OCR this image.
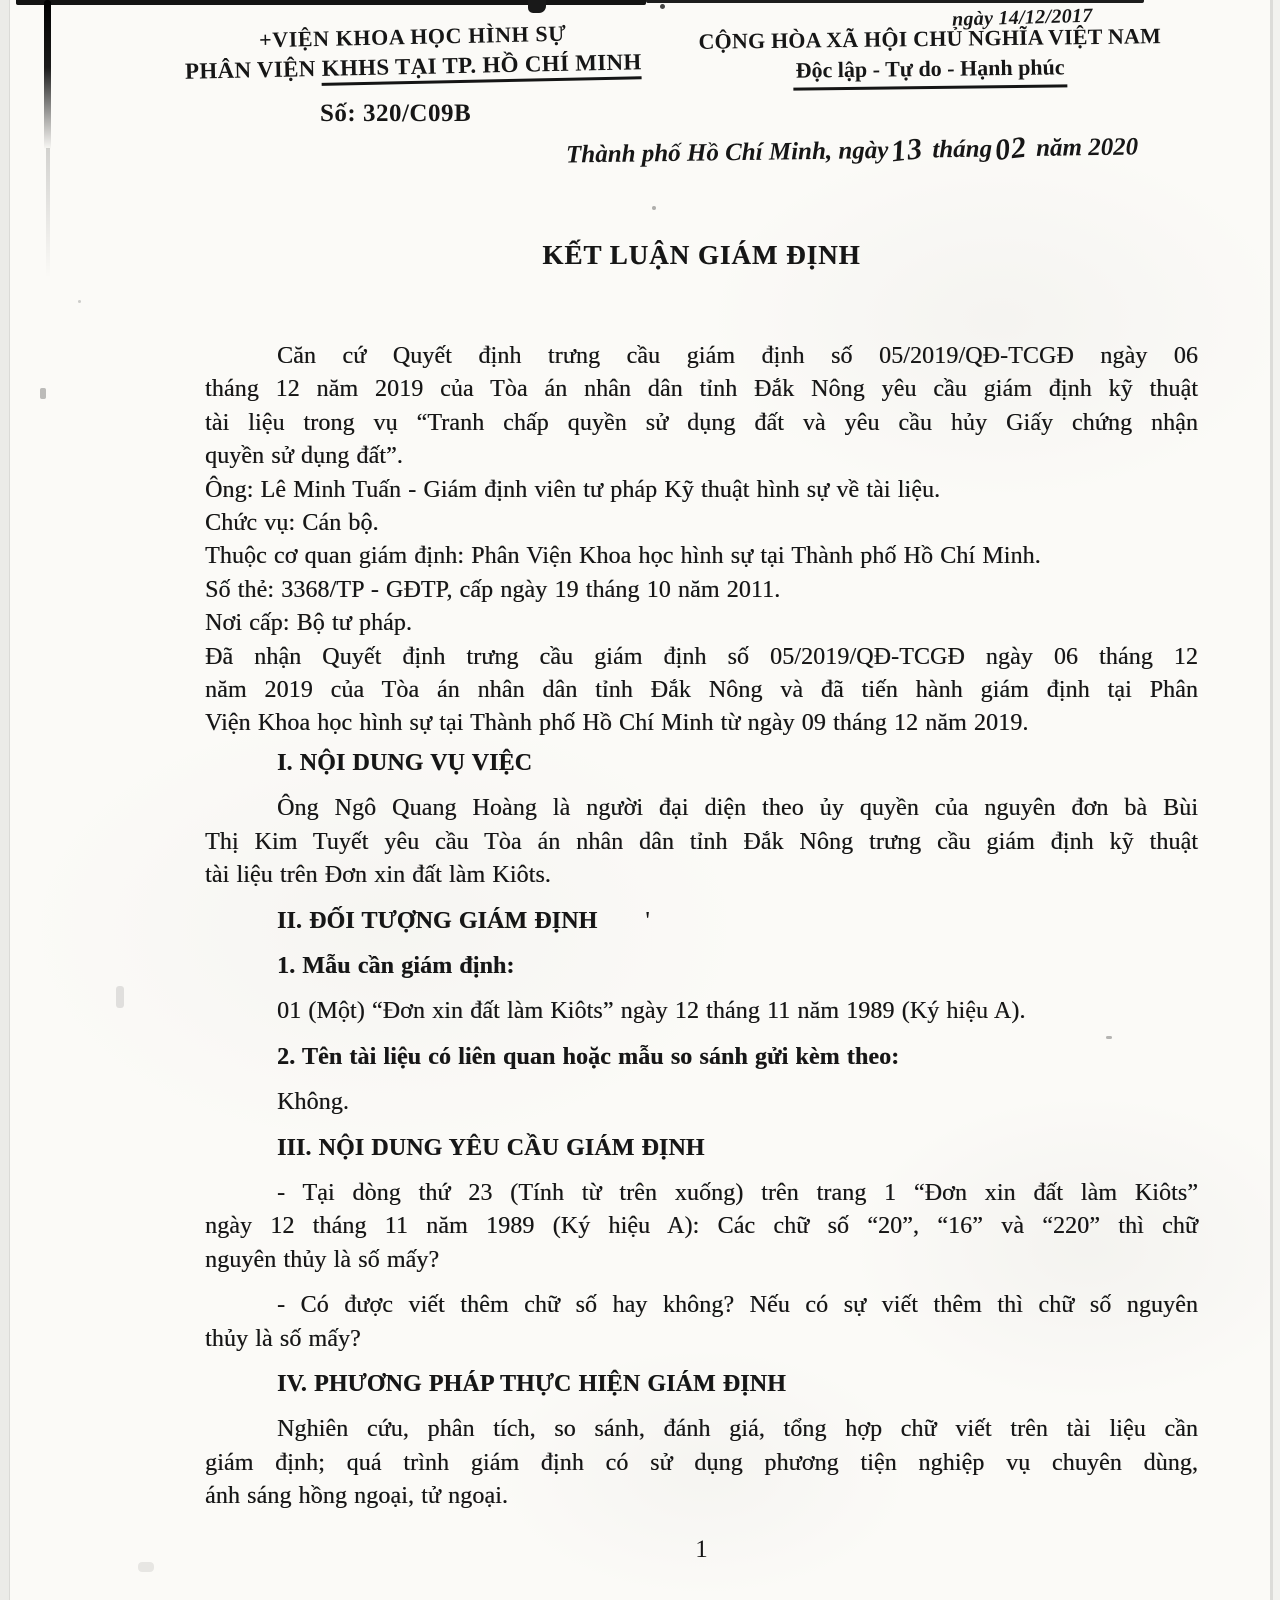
ngày 14/12/2017
+VIỆN KHOA HỌC HÌNH SỰ
PHÂN VIỆN KHHS TẠI TP. HỒ CHÍ MINH
CỘNG HÒA XÃ HỘI CHỦ NGHĨA VIỆT NAM
Độc lập - Tự do - Hạnh phúc
Số: 320/C09B
Thành phố Hồ Chí Minh, ngày13 tháng02 năm 2020
KẾT LUẬN GIÁM ĐỊNH
Căn cứ Quyết định trưng cầu giám định số 05/2019/QĐ-TCGĐ ngày 06
tháng 12 năm 2019 của Tòa án nhân dân tỉnh Đắk Nông yêu cầu giám định kỹ thuật
tài liệu trong vụ “Tranh chấp quyền sử dụng đất và yêu cầu hủy Giấy chứng nhận
quyền sử dụng đất”.
Ông: Lê Minh Tuấn - Giám định viên tư pháp Kỹ thuật hình sự về tài liệu.
Chức vụ: Cán bộ.
Thuộc cơ quan giám định: Phân Viện Khoa học hình sự tại Thành phố Hồ Chí Minh.
Số thẻ: 3368/TP - GĐTP, cấp ngày 19 tháng 10 năm 2011.
Nơi cấp: Bộ tư pháp.
Đã nhận Quyết định trưng cầu giám định số 05/2019/QĐ-TCGĐ ngày 06 tháng 12
năm 2019 của Tòa án nhân dân tỉnh Đắk Nông và đã tiến hành giám định tại Phân
Viện Khoa học hình sự tại Thành phố Hồ Chí Minh từ ngày 09 tháng 12 năm 2019.
I. NỘI DUNG VỤ VIỆC
Ông Ngô Quang Hoàng là người đại diện theo ủy quyền của nguyên đơn bà Bùi
Thị Kim Tuyết yêu cầu Tòa án nhân dân tỉnh Đắk Nông trưng cầu giám định kỹ thuật
tài liệu trên Đơn xin đất làm Kiôts.
II. ĐỐI TƯỢNG GIÁM ĐỊNH '
1. Mẫu cần giám định:
01 (Một) “Đơn xin đất làm Kiôts” ngày 12 tháng 11 năm 1989 (Ký hiệu A).
2. Tên tài liệu có liên quan hoặc mẫu so sánh gửi kèm theo:
Không.
III. NỘI DUNG YÊU CẦU GIÁM ĐỊNH
- Tại dòng thứ 23 (Tính từ trên xuống) trên trang 1 “Đơn xin đất làm Kiôts”
ngày 12 tháng 11 năm 1989 (Ký hiệu A): Các chữ số “20”, “16” và “220” thì chữ
nguyên thủy là số mấy?
- Có được viết thêm chữ số hay không? Nếu có sự viết thêm thì chữ số nguyên
thủy là số mấy?
IV. PHƯƠNG PHÁP THỰC HIỆN GIÁM ĐỊNH
Nghiên cứu, phân tích, so sánh, đánh giá, tổng hợp chữ viết trên tài liệu cần
giám định; quá trình giám định có sử dụng phương tiện nghiệp vụ chuyên dùng,
ánh sáng hồng ngoại, tử ngoại.
1
